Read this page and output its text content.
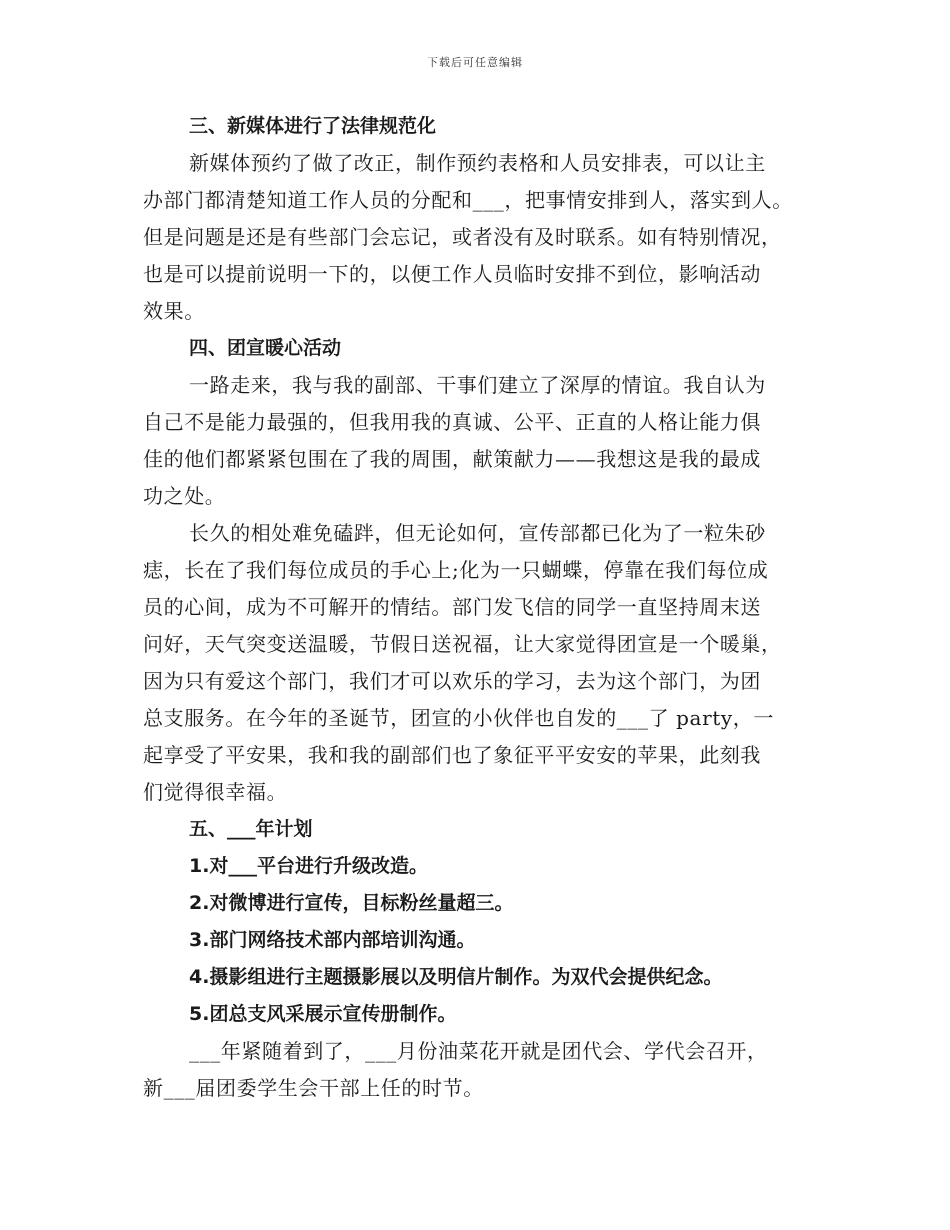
下载后可任意编辑
三、新媒体进行了法律规范化

新媒体预约了做了改正，制作预约表格和人员安排表，可以让主
办部门都清楚知道工作人员的分配和___，把事情安排到人，落实到人。
但是问题是还是有些部门会忘记，或者没有及时联系。如有特别情况，
也是可以提前说明一下的，以便工作人员临时安排不到位，影响活动
效果。

四、团宣暖心活动

一路走来，我与我的副部、干事们建立了深厚的情谊。我自认为
自己不是能力最强的，但我用我的真诚、公平、正直的人格让能力俱
佳的他们都紧紧包围在了我的周围，献策献力——我想这是我的最成
功之处。

长久的相处难免磕跘，但无论如何，宣传部都已化为了一粒朱砂
痣，长在了我们每位成员的手心上;化为一只蝴蝶，停靠在我们每位成
员的心间，成为不可解开的情结。部门发飞信的同学一直坚持周末送
问好，天气突变送温暖，节假日送祝福，让大家觉得团宣是一个暖巢，
因为只有爱这个部门，我们才可以欢乐的学习，去为这个部门，为团
总支服务。在今年的圣诞节，团宣的小伙伴也自发的___了 party，一
起享受了平安果，我和我的副部们也了象征平平安安的苹果，此刻我
们觉得很幸福。

五、___年计划

1.对___平台进行升级改造。

2.对微博进行宣传，目标粉丝量超三。

3.部门网络技术部内部培训沟通。

4.摄影组进行主题摄影展以及明信片制作。为双代会提供纪念。

5.团总支风采展示宣传册制作。

___年紧随着到了，___月份油菜花开就是团代会、学代会召开，
新___届团委学生会干部上任的时节。
